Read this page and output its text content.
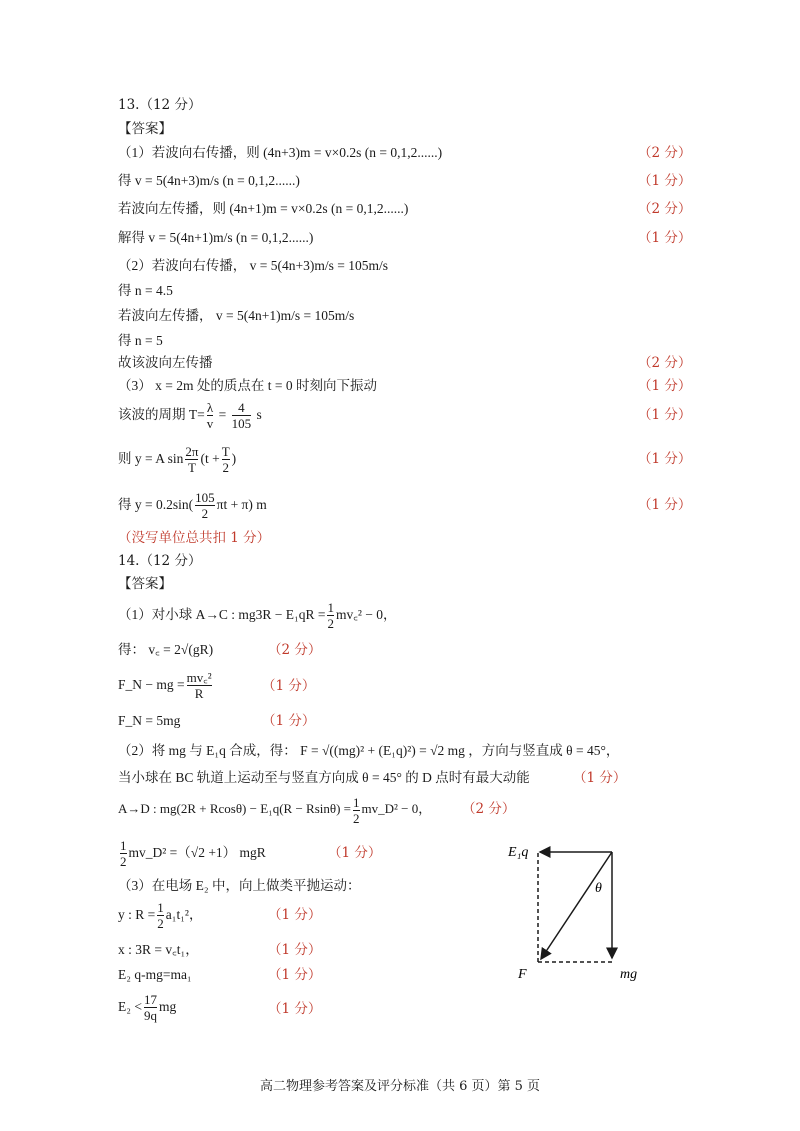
13.（12 分）
【答案】
（1）若波向右传播，则 (4n+3)m = v×0.2s (n = 0,1,2......)	（2 分）
得 v = 5(4n+3)m/s (n = 0,1,2......)	（1 分）
若波向左传播，则 (4n+1)m = v×0.2s (n = 0,1,2......)	（2 分）
解得 v = 5(4n+1)m/s (n = 0,1,2......)	（1 分）
（2）若波向右传播， v = 5(4n+3)m/s = 105m/s
得 n = 4.5
若波向左传播， v = 5(4n+1)m/s = 105m/s
得 n = 5
故该波向左传播	（2 分）
（3） x = 2m 处的质点在 t = 0 时刻向下振动	（1 分）
该波的周期 $T= \frac{\lambda}{v} = \frac{4}{105}$ s	（1 分）
则 y = A $\sin \frac{2\pi}{T} (t + \frac{T}{2}$ )	（1 分）
得 $y = 0.2\sin( \frac{105}{2}$ πt + π) m	（1 分）
（没写单位总共扣 1 分）
14.（12 分）
【答案】
（1）对小球 A→C : $mg3R - E_1qR = \frac{1}{2}$ mv꜀² − 0，
得： v꜀ = 2√(gR)	（2 分）
F_N − mg = $\frac{\text{mv꜀²}}{R}$	（1 分）
F_N = 5mg	（1 分）
（2）将 mg 与 E₁q 合成，得： F = √((mg)² + (E₁q)²) = √2 mg ，方向与竖直成 θ = 45°，
当小球在 BC 轨道上运动至与竖直方向成 θ = 45° 的 D 点时有最大动能	（1 分）
A→D : $mg(2R + Rcos\theta) - E_1q(R - Rsin\theta) = \frac{1}{2}$ mv_D² − 0， （2 分）
$\frac{1}{2}$ mv_D² =（√2 +1） mgR	（1 分）
（3）在电场 E₂ 中，向上做类平抛运动：
y : $R = \frac{1}{2} a_1t_1^2$，	（1 分）
x : 3R = v꜀t₁，	（1 分）
E₂ q-mg=ma₁	（1 分）
$E_2 < \frac{17}{9q}$ mg	（1 分）
E₁q
θ
F	mg
高二物理参考答案及评分标准（共 6 页）第 5 页
